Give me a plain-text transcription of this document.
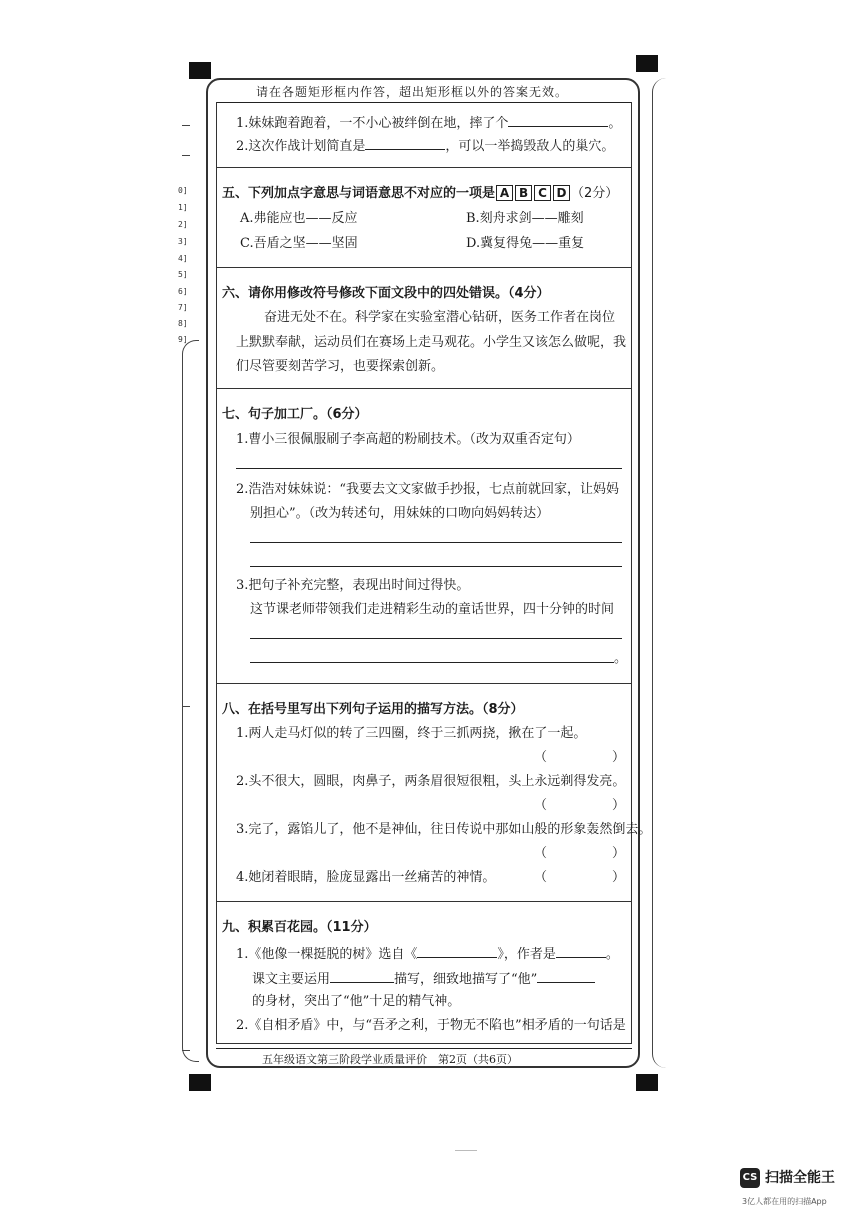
0]
1]
2]
3]
4]
5]
6]
7]
8]
9]
请在各题矩形框内作答，超出矩形框以外的答案无效。
1.妹妹跑着跑着，一不小心被绊倒在地，摔了个	。
2.这次作战计划简直是	，可以一举捣毁敌人的巢穴。
五、下列加点字意思与词语意思不对应的一项是 A B C D （2分）
A.弗能应也——反应	B.刻舟求剑——雕刻
C.吾盾之坚——坚固	D.冀复得兔——重复
六、请你用修改符号修改下面文段中的四处错误。（4分）
奋进无处不在。科学家在实验室潜心钻研，医务工作者在岗位
上默默奉献，运动员们在赛场上走马观花。小学生又该怎么做呢，我
们尽管要刻苦学习，也要探索创新。
七、句子加工厂。（6分）
1.曹小三很佩服刷子李高超的粉刷技术。（改为双重否定句）
2.浩浩对妹妹说：“我要去文文家做手抄报，七点前就回家，让妈妈
别担心”。（改为转述句，用妹妹的口吻向妈妈转达）
3.把句子补充完整，表现出时间过得快。
这节课老师带领我们走进精彩生动的童话世界，四十分钟的时间
。
八、在括号里写出下列句子运用的描写方法。（8分）
1.两人走马灯似的转了三四圈，终于三抓两挠，揪在了一起。
（	）
2.头不很大，圆眼，肉鼻子，两条眉很短很粗，头上永远剃得发亮。
（	）
3.完了，露馅儿了，他不是神仙，往日传说中那如山般的形象轰然倒去。
（	）
4.她闭着眼睛，脸庞显露出一丝痛苦的神情。	（	）
九、积累百花园。（11分）
1.《他像一棵挺脱的树》选自《	》，作者是	。
课文主要运用	描写，细致地描写了“他”
的身材，突出了“他”十足的精气神。
2.《自相矛盾》中，与“吾矛之利，于物无不陷也”相矛盾的一句话是
五年级语文第三阶段学业质量评价　第2页（共6页）
CS 扫描全能王
3亿人都在用的扫描App
